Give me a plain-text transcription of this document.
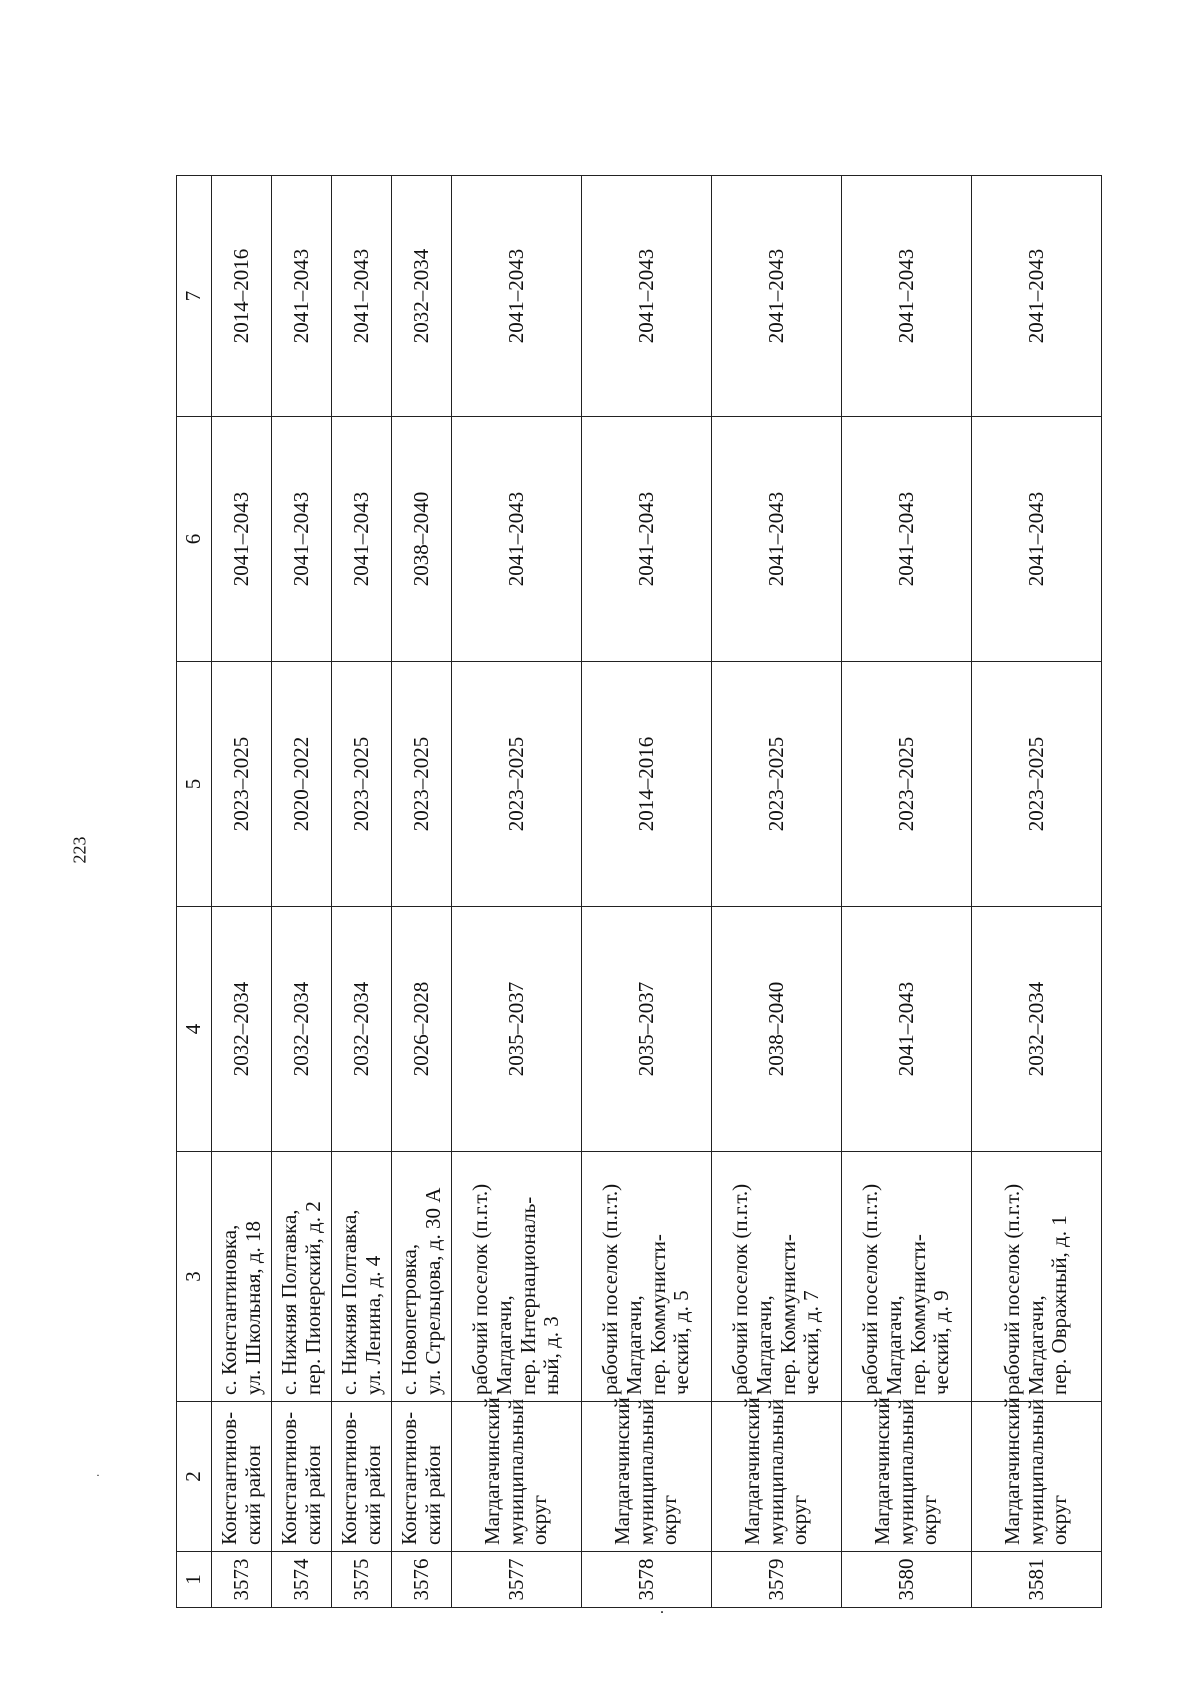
223
·
.
1	2	3	4	5	6	7
3573	Константинов-
ский район	с. Константиновка,
ул. Школьная, д. 18	2032–2034	2023–2025	2041–2043	2014–2016
3574	Константинов-
ский район	с. Нижняя Полтавка,
пер. Пионерский, д. 2	2032–2034	2020–2022	2041–2043	2041–2043
3575	Константинов-
ский район	с. Нижняя Полтавка,
ул. Ленина, д. 4	2032–2034	2023–2025	2041–2043	2041–2043
3576	Константинов-
ский район	с. Новопетровка,
ул. Стрельцова, д. 30 А	2026–2028	2023–2025	2038–2040	2032–2034
3577	Магдагачинский
муниципальный
округ	рабочий поселок (п.г.т.)
Магдагачи,
пер. Интернациональ-
ный, д. 3	2035–2037	2023–2025	2041–2043	2041–2043
3578	Магдагачинский
муниципальный
округ	рабочий поселок (п.г.т.)
Магдагачи,
пер. Коммунисти-
ческий, д. 5	2035–2037	2014–2016	2041–2043	2041–2043
3579	Магдагачинский
муниципальный
округ	рабочий поселок (п.г.т.)
Магдагачи,
пер. Коммунисти-
ческий, д. 7	2038–2040	2023–2025	2041–2043	2041–2043
3580	Магдагачинский
муниципальный
округ	рабочий поселок (п.г.т.)
Магдагачи,
пер. Коммунисти-
ческий, д. 9	2041–2043	2023–2025	2041–2043	2041–2043
3581	Магдагачинский
муниципальный
округ	рабочий поселок (п.г.т.)
Магдагачи,
пер. Овражный, д. 1	2032–2034	2023–2025	2041–2043	2041–2043
